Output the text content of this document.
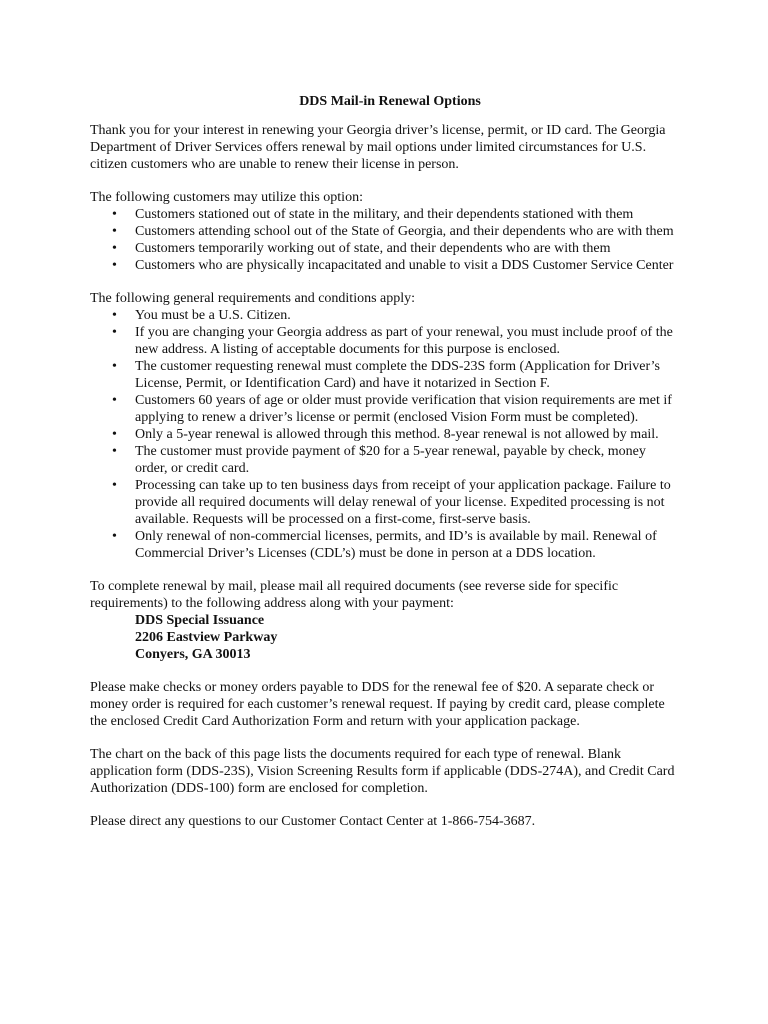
DDS Mail-in Renewal Options

Thank you for your interest in renewing your Georgia driver’s license, permit, or ID card. The Georgia Department of Driver Services offers renewal by mail options under limited circumstances for U.S. citizen customers who are unable to renew their license in person.

The following customers may utilize this option:

• Customers stationed out of state in the military, and their dependents stationed with them
• Customers attending school out of the State of Georgia, and their dependents who are with them
• Customers temporarily working out of state, and their dependents who are with them
• Customers who are physically incapacitated and unable to visit a DDS Customer Service Center

The following general requirements and conditions apply:

• You must be a U.S. Citizen.
• If you are changing your Georgia address as part of your renewal, you must include proof of the new address. A listing of acceptable documents for this purpose is enclosed.
• The customer requesting renewal must complete the DDS-23S form (Application for Driver’s License, Permit, or Identification Card) and have it notarized in Section F.
• Customers 60 years of age or older must provide verification that vision requirements are met if applying to renew a driver’s license or permit (enclosed Vision Form must be completed).
• Only a 5-year renewal is allowed through this method. 8-year renewal is not allowed by mail.
• The customer must provide payment of $20 for a 5-year renewal, payable by check, money order, or credit card.
• Processing can take up to ten business days from receipt of your application package. Failure to provide all required documents will delay renewal of your license. Expedited processing is not available. Requests will be processed on a first-come, first-serve basis.
• Only renewal of non-commercial licenses, permits, and ID’s is available by mail. Renewal of Commercial Driver’s Licenses (CDL’s) must be done in person at a DDS location.

To complete renewal by mail, please mail all required documents (see reverse side for specific requirements) to the following address along with your payment:

DDS Special Issuance
2206 Eastview Parkway
Conyers, GA 30013

Please make checks or money orders payable to DDS for the renewal fee of $20. A separate check or money order is required for each customer’s renewal request. If paying by credit card, please complete the enclosed Credit Card Authorization Form and return with your application package.

The chart on the back of this page lists the documents required for each type of renewal. Blank application form (DDS-23S), Vision Screening Results form if applicable (DDS-274A), and Credit Card Authorization (DDS-100) form are enclosed for completion.

Please direct any questions to our Customer Contact Center at 1-866-754-3687.
